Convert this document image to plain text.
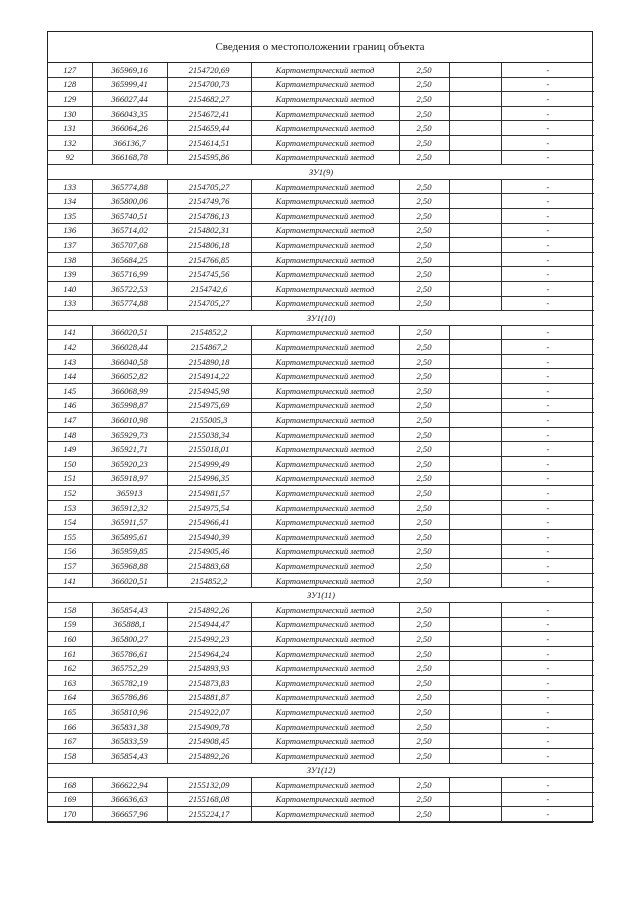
Сведения о местоположении границ объекта
127	365969,16	2154720,69	Картометрический метод	2,50		-
128	365999,41	2154700,73	Картометрический метод	2,50		-
129	366027,44	2154682,27	Картометрический метод	2,50		-
130	366043,35	2154672,41	Картометрический метод	2,50		-
131	366064,26	2154659,44	Картометрический метод	2,50		-
132	366136,7	2154614,51	Картометрический метод	2,50		-
92	366168,78	2154595,86	Картометрический метод	2,50		-
ЗУ1(9)						
133	365774,88	2154705,27	Картометрический метод	2,50		-
134	365800,06	2154749,76	Картометрический метод	2,50		-
135	365740,51	2154786,13	Картометрический метод	2,50		-
136	365714,02	2154802,31	Картометрический метод	2,50		-
137	365707,68	2154806,18	Картометрический метод	2,50		-
138	365684,25	2154766,85	Картометрический метод	2,50		-
139	365716,99	2154745,56	Картометрический метод	2,50		-
140	365722,53	2154742,6	Картометрический метод	2,50		-
133	365774,88	2154705,27	Картометрический метод	2,50		-
ЗУ1(10)						
141	366020,51	2154852,2	Картометрический метод	2,50		-
142	366028,44	2154867,2	Картометрический метод	2,50		-
143	366040,58	2154890,18	Картометрический метод	2,50		-
144	366052,82	2154914,22	Картометрический метод	2,50		-
145	366068,99	2154945,98	Картометрический метод	2,50		-
146	365998,87	2154975,69	Картометрический метод	2,50		-
147	366010,98	2155005,3	Картометрический метод	2,50		-
148	365929,73	2155038,34	Картометрический метод	2,50		-
149	365921,71	2155018,01	Картометрический метод	2,50		-
150	365920,23	2154999,49	Картометрический метод	2,50		-
151	365918,97	2154996,35	Картометрический метод	2,50		-
152	365913	2154981,57	Картометрический метод	2,50		-
153	365912,32	2154975,54	Картометрический метод	2,50		-
154	365911,57	2154966,41	Картометрический метод	2,50		-
155	365895,61	2154940,39	Картометрический метод	2,50		-
156	365959,85	2154905,46	Картометрический метод	2,50		-
157	365968,88	2154883,68	Картометрический метод	2,50		-
141	366020,51	2154852,2	Картометрический метод	2,50		-
ЗУ1(11)						
158	365854,43	2154892,26	Картометрический метод	2,50		-
159	365888,1	2154944,47	Картометрический метод	2,50		-
160	365800,27	2154992,23	Картометрический метод	2,50		-
161	365786,61	2154964,24	Картометрический метод	2,50		-
162	365752,29	2154893,93	Картометрический метод	2,50		-
163	365782,19	2154873,83	Картометрический метод	2,50		-
164	365786,86	2154881,87	Картометрический метод	2,50		-
165	365810,96	2154922,07	Картометрический метод	2,50		-
166	365831,38	2154909,78	Картометрический метод	2,50		-
167	365833,59	2154908,45	Картометрический метод	2,50		-
158	365854,43	2154892,26	Картометрический метод	2,50		-
ЗУ1(12)						
168	366622,94	2155132,09	Картометрический метод	2,50		-
169	366636,63	2155168,08	Картометрический метод	2,50		-
170	366657,96	2155224,17	Картометрический метод	2,50		-
